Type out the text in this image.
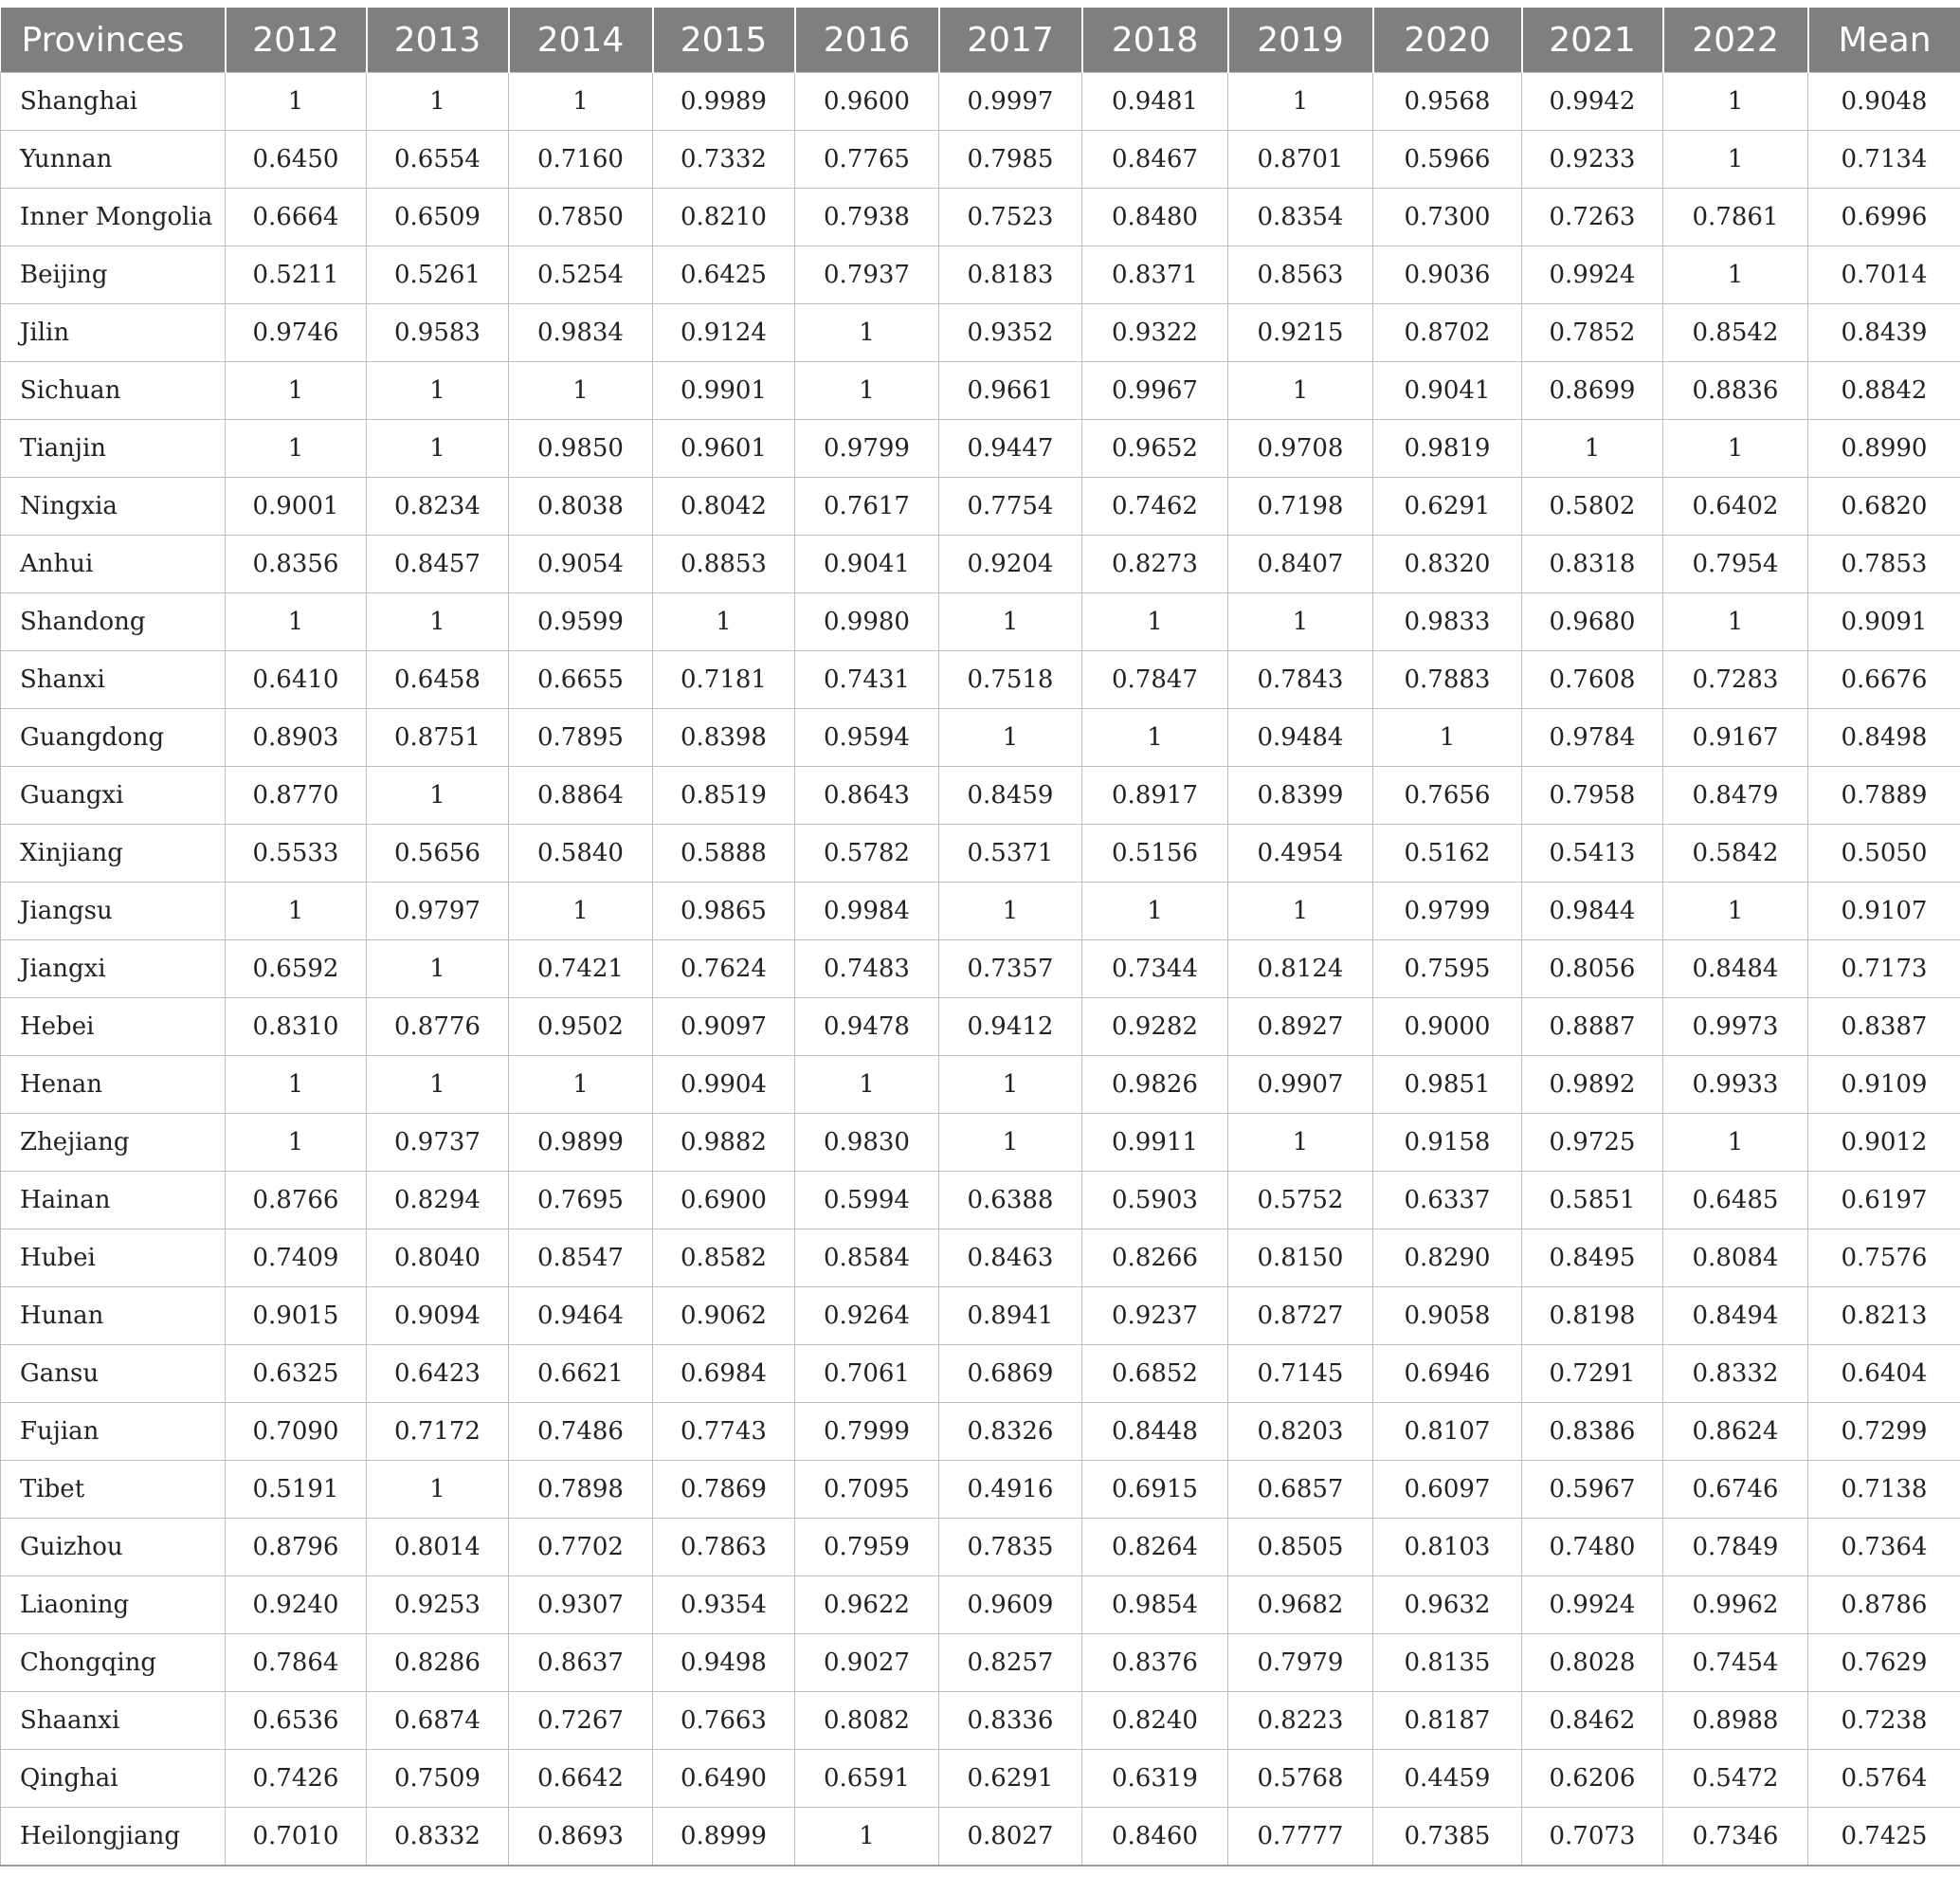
Provinces	2012	2013	2014	2015	2016	2017	2018	2019	2020	2021	2022	Mean
Shanghai	1	1	1	0.9989	0.9600	0.9997	0.9481	1	0.9568	0.9942	1	0.9048
Yunnan	0.6450	0.6554	0.7160	0.7332	0.7765	0.7985	0.8467	0.8701	0.5966	0.9233	1	0.7134
Inner Mongolia	0.6664	0.6509	0.7850	0.8210	0.7938	0.7523	0.8480	0.8354	0.7300	0.7263	0.7861	0.6996
Beijing	0.5211	0.5261	0.5254	0.6425	0.7937	0.8183	0.8371	0.8563	0.9036	0.9924	1	0.7014
Jilin	0.9746	0.9583	0.9834	0.9124	1	0.9352	0.9322	0.9215	0.8702	0.7852	0.8542	0.8439
Sichuan	1	1	1	0.9901	1	0.9661	0.9967	1	0.9041	0.8699	0.8836	0.8842
Tianjin	1	1	0.9850	0.9601	0.9799	0.9447	0.9652	0.9708	0.9819	1	1	0.8990
Ningxia	0.9001	0.8234	0.8038	0.8042	0.7617	0.7754	0.7462	0.7198	0.6291	0.5802	0.6402	0.6820
Anhui	0.8356	0.8457	0.9054	0.8853	0.9041	0.9204	0.8273	0.8407	0.8320	0.8318	0.7954	0.7853
Shandong	1	1	0.9599	1	0.9980	1	1	1	0.9833	0.9680	1	0.9091
Shanxi	0.6410	0.6458	0.6655	0.7181	0.7431	0.7518	0.7847	0.7843	0.7883	0.7608	0.7283	0.6676
Guangdong	0.8903	0.8751	0.7895	0.8398	0.9594	1	1	0.9484	1	0.9784	0.9167	0.8498
Guangxi	0.8770	1	0.8864	0.8519	0.8643	0.8459	0.8917	0.8399	0.7656	0.7958	0.8479	0.7889
Xinjiang	0.5533	0.5656	0.5840	0.5888	0.5782	0.5371	0.5156	0.4954	0.5162	0.5413	0.5842	0.5050
Jiangsu	1	0.9797	1	0.9865	0.9984	1	1	1	0.9799	0.9844	1	0.9107
Jiangxi	0.6592	1	0.7421	0.7624	0.7483	0.7357	0.7344	0.8124	0.7595	0.8056	0.8484	0.7173
Hebei	0.8310	0.8776	0.9502	0.9097	0.9478	0.9412	0.9282	0.8927	0.9000	0.8887	0.9973	0.8387
Henan	1	1	1	0.9904	1	1	0.9826	0.9907	0.9851	0.9892	0.9933	0.9109
Zhejiang	1	0.9737	0.9899	0.9882	0.9830	1	0.9911	1	0.9158	0.9725	1	0.9012
Hainan	0.8766	0.8294	0.7695	0.6900	0.5994	0.6388	0.5903	0.5752	0.6337	0.5851	0.6485	0.6197
Hubei	0.7409	0.8040	0.8547	0.8582	0.8584	0.8463	0.8266	0.8150	0.8290	0.8495	0.8084	0.7576
Hunan	0.9015	0.9094	0.9464	0.9062	0.9264	0.8941	0.9237	0.8727	0.9058	0.8198	0.8494	0.8213
Gansu	0.6325	0.6423	0.6621	0.6984	0.7061	0.6869	0.6852	0.7145	0.6946	0.7291	0.8332	0.6404
Fujian	0.7090	0.7172	0.7486	0.7743	0.7999	0.8326	0.8448	0.8203	0.8107	0.8386	0.8624	0.7299
Tibet	0.5191	1	0.7898	0.7869	0.7095	0.4916	0.6915	0.6857	0.6097	0.5967	0.6746	0.7138
Guizhou	0.8796	0.8014	0.7702	0.7863	0.7959	0.7835	0.8264	0.8505	0.8103	0.7480	0.7849	0.7364
Liaoning	0.9240	0.9253	0.9307	0.9354	0.9622	0.9609	0.9854	0.9682	0.9632	0.9924	0.9962	0.8786
Chongqing	0.7864	0.8286	0.8637	0.9498	0.9027	0.8257	0.8376	0.7979	0.8135	0.8028	0.7454	0.7629
Shaanxi	0.6536	0.6874	0.7267	0.7663	0.8082	0.8336	0.8240	0.8223	0.8187	0.8462	0.8988	0.7238
Qinghai	0.7426	0.7509	0.6642	0.6490	0.6591	0.6291	0.6319	0.5768	0.4459	0.6206	0.5472	0.5764
Heilongjiang	0.7010	0.8332	0.8693	0.8999	1	0.8027	0.8460	0.7777	0.7385	0.7073	0.7346	0.7425
